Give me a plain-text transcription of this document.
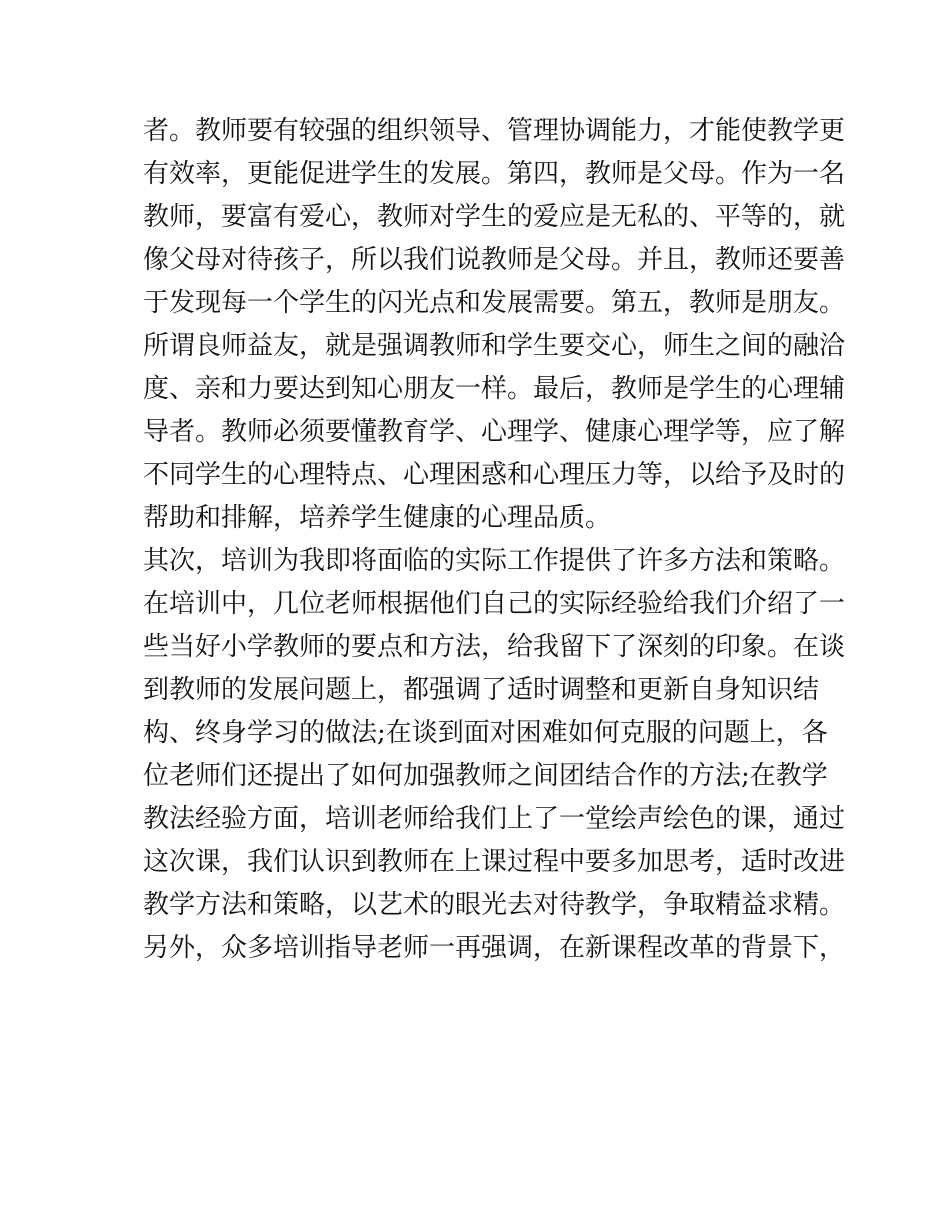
者。教师要有较强的组织领导、管理协调能力，才能使教学更
有效率，更能促进学生的发展。第四，教师是父母。作为一名
教师，要富有爱心，教师对学生的爱应是无私的、平等的，就
像父母对待孩子，所以我们说教师是父母。并且，教师还要善
于发现每一个学生的闪光点和发展需要。第五，教师是朋友。
所谓良师益友，就是强调教师和学生要交心，师生之间的融洽
度、亲和力要达到知心朋友一样。最后，教师是学生的心理辅
导者。教师必须要懂教育学、心理学、健康心理学等，应了解
不同学生的心理特点、心理困惑和心理压力等，以给予及时的
帮助和排解，培养学生健康的心理品质。
其次，培训为我即将面临的实际工作提供了许多方法和策略。
在培训中，几位老师根据他们自己的实际经验给我们介绍了一
些当好小学教师的要点和方法，给我留下了深刻的印象。在谈
到教师的发展问题上，都强调了适时调整和更新自身知识结
构、终身学习的做法;在谈到面对困难如何克服的问题上，各
位老师们还提出了如何加强教师之间团结合作的方法;在教学
教法经验方面，培训老师给我们上了一堂绘声绘色的课，通过
这次课，我们认识到教师在上课过程中要多加思考，适时改进
教学方法和策略，以艺术的眼光去对待教学，争取精益求精。
另外，众多培训指导老师一再强调，在新课程改革的背景下，
